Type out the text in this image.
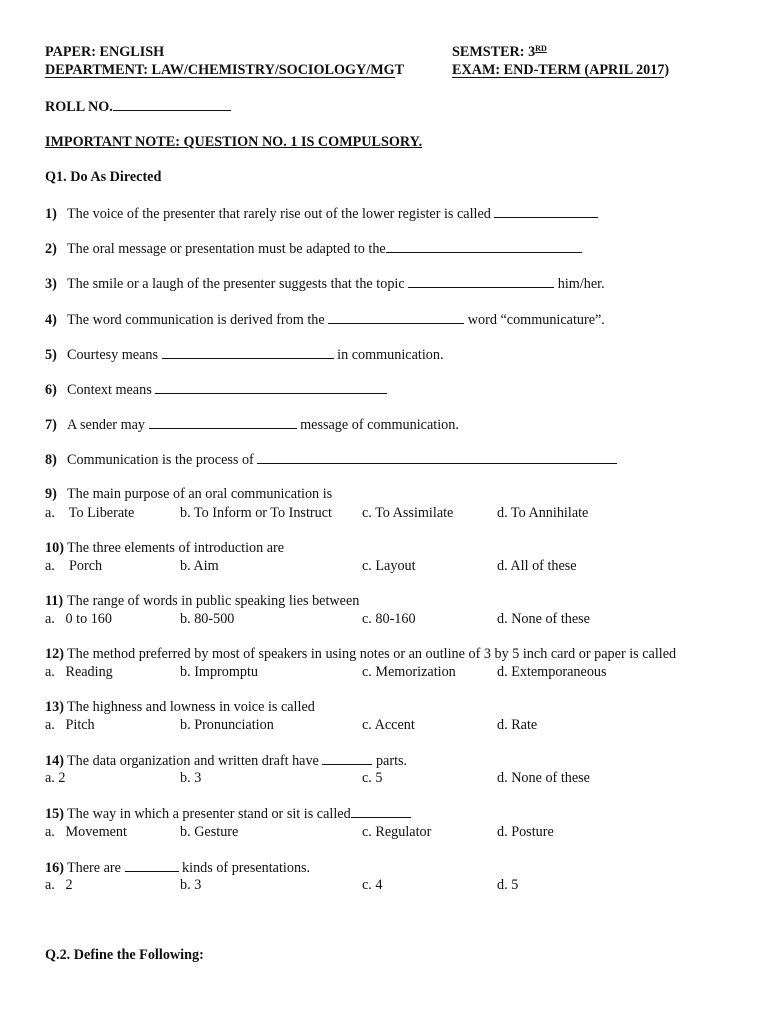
PAPER: ENGLISH	SEMSTER: 3RD
DEPARTMENT: LAW/CHEMISTRY/SOCIOLOGY/MGT	EXAM: END-TERM (APRIL 2017)
ROLL NO.
IMPORTANT NOTE: QUESTION NO. 1 IS COMPULSORY.
Q1. Do As Directed
1) The voice of the presenter that rarely rise out of the lower register is called
2) The oral message or presentation must be adapted to the
3) The smile or a laugh of the presenter suggests that the topic	him/her.
4) The word communication is derived from the	word “communicature”.
5) Courtesy means	in communication.
6) Context means
7) A sender may	message of communication.
8) Communication is the process of
9) The main purpose of an oral communication is
a.    To Liberate	b. To Inform or To Instruct c. To Assimilate	d. To Annihilate
10) The three elements of introduction are
a.    Porch	b. Aim	c. Layout	d. All of these
11) The range of words in public speaking lies between
a.   0 to 160	b. 80-500	c. 80-160	d. None of these
12) The method preferred by most of speakers in using notes or an outline of 3 by 5 inch card or paper is called
a.   Reading	b. Impromptu	c. Memorization	d. Extemporaneous
13) The highness and lowness in voice is called
a.   Pitch	b. Pronunciation	c. Accent	d. Rate
14) The data organization and written draft have	parts.
a. 2	b. 3	c. 5	d. None of these
15) The way in which a presenter stand or sit is called
a.   Movement	b. Gesture	c. Regulator	d. Posture
16) There are	kinds of presentations.
a.   2	b. 3	c. 4	d. 5
Q.2. Define the Following:
